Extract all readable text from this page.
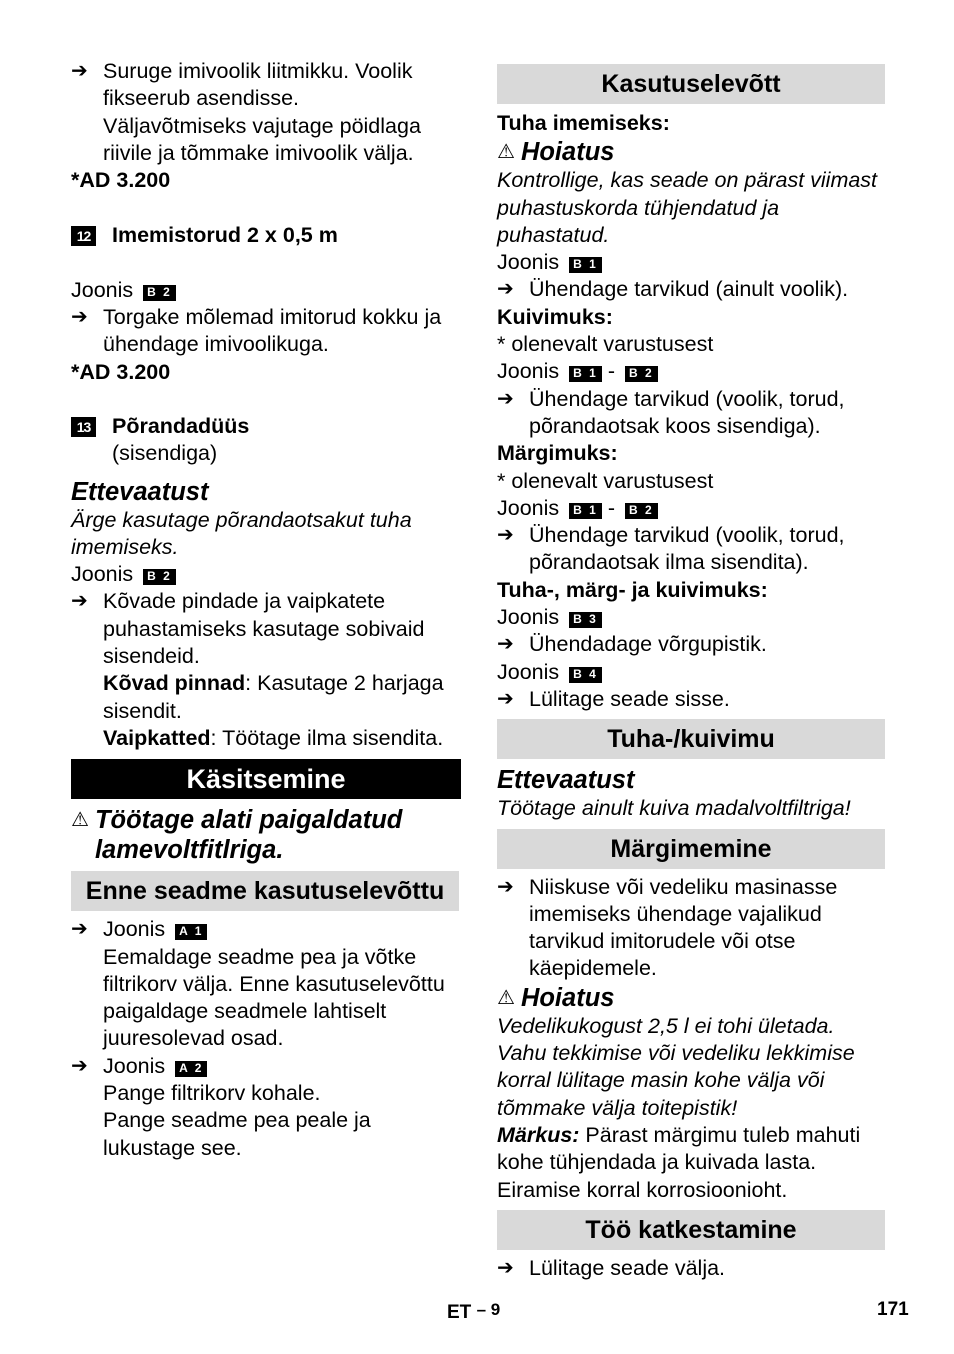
➔ Suruge imivoolik liitmikku. Voolik fikseerub asendisse.

Väljavõtmiseks vajutage pöidlaga riivile ja tõmmake imivoolik välja.

*AD 3.200

12 Imemistorud 2 x 0,5 m

Joonis B 2

➔ Torgake mõlemad imitorud kokku ja ühendage imivoolikuga.

*AD 3.200

13 Põrandadüüs

(sisendiga)

Ettevaatust

Ärge kasutage põrandaotsakut tuha imemiseks.

Joonis B 2

➔ Kõvade pindade ja vaipkatete puhastamiseks kasutage sobivaid sisendeid.

Kõvad pinnad: Kasutage 2 harjaga sisendit.

Vaipkatted: Töötage ilma sisendita.

Käsitsemine
⚠ Töötage alati paigaldatud lamevoltfitlriga.
Enne seadme kasutuselevõttu
➔ Joonis A 1

Eemaldage seadme pea ja võtke filtrikorv välja. Enne kasutuselevõttu paigaldage seadmele lahtiselt juuresolevad osad.

➔ Joonis A 2

Pange filtrikorv kohale.

Pange seadme pea peale ja lukustage see.

Kasutuselevõtt

Tuha imemiseks:

⚠ Hoiatus

Kontrollige, kas seade on pärast viimast puhastuskorda tühjendatud ja puhastatud.

Joonis B 1

➔ Ühendage tarvikud (ainult voolik).

Kuivimuks:

* olenevalt varustusest

Joonis B 1 - B 2

➔ Ühendage tarvikud (voolik, torud, põrandaotsak koos sisendiga).

Märgimuks:

* olenevalt varustusest

Joonis B 1 - B 2

➔ Ühendage tarvikud (voolik, torud, põrandaotsak ilma sisendita).

Tuha-, märg- ja kuivimuks:

Joonis B 3

➔ Ühendadage võrgupistik.

Joonis B 4

➔ Lülitage seade sisse.

Tuha-/kuivimu

Ettevaatust

Töötage ainult kuiva madalvoltfiltriga!

Märgimemine
➔ Niiskuse või vedeliku masinasse imemiseks ühendage vajalikud tarvikud imitorudele või otse käepidemele.

⚠ Hoiatus

Vedelikukogust 2,5 l ei tohi ületada. Vahu tekkimise või vedeliku lekkimise korral lülitage masin kohe välja või tõmmake välja toitepistik!

Märkus: Pärast märgimu tuleb mahuti kohe tühjendada ja kuivada lasta. Eiramise korral korrosioonioht.

Töö katkestamine
➔ Lülitage seade välja.

ET – 9	171
